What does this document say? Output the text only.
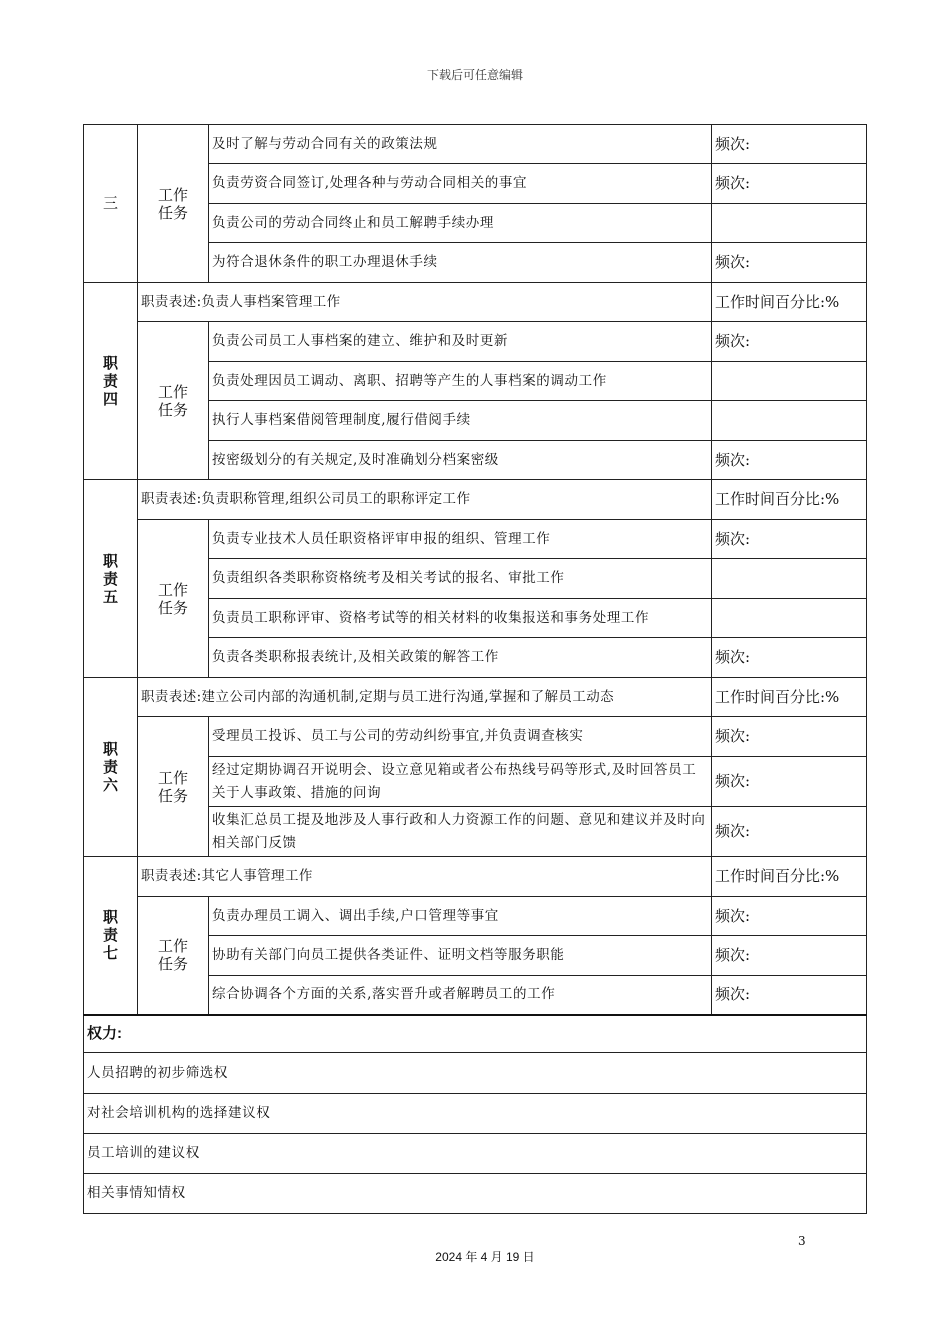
下载后可任意编辑
三	工作任务	及时了解与劳动合同有关的政策法规	频次:
		负责劳资合同签订,处理各种与劳动合同相关的事宜	频次:
		负责公司的劳动合同终止和员工解聘手续办理	
		为符合退休条件的职工办理退休手续	频次:
职责四	职责表述:负责人事档案管理工作		工作时间百分比:%
	工作任务	负责公司员工人事档案的建立、维护和及时更新	频次:
		负责处理因员工调动、离职、招聘等产生的人事档案的调动工作	
		执行人事档案借阅管理制度,履行借阅手续	
		按密级划分的有关规定,及时准确划分档案密级	频次:
职责五	职责表述:负责职称管理,组织公司员工的职称评定工作		工作时间百分比:%
	工作任务	负责专业技术人员任职资格评审申报的组织、管理工作	频次:
		负责组织各类职称资格统考及相关考试的报名、审批工作	
		负责员工职称评审、资格考试等的相关材料的收集报送和事务处理工作	
		负责各类职称报表统计,及相关政策的解答工作	频次:
职责六	职责表述:建立公司内部的沟通机制,定期与员工进行沟通,掌握和了解员工动态		工作时间百分比:%
	工作任务	受理员工投诉、员工与公司的劳动纠纷事宜,并负责调查核实	频次:
		经过定期协调召开说明会、设立意见箱或者公布热线号码等形式,及时回答员工关于人事政策、措施的问询	频次:
		收集汇总员工提及地涉及人事行政和人力资源工作的问题、意见和建议并及时向相关部门反馈	频次:
职责七	职责表述:其它人事管理工作		工作时间百分比:%
	工作任务	负责办理员工调入、调出手续,户口管理等事宜	频次:
		协助有关部门向员工提供各类证件、证明文档等服务职能	频次:
		综合协调各个方面的关系,落实晋升或者解聘员工的工作	频次:
权力:			
人员招聘的初步筛选权			
对社会培训机构的选择建议权			
员工培训的建议权			
相关事情知情权			
3
2024 年 4 月 19 日
